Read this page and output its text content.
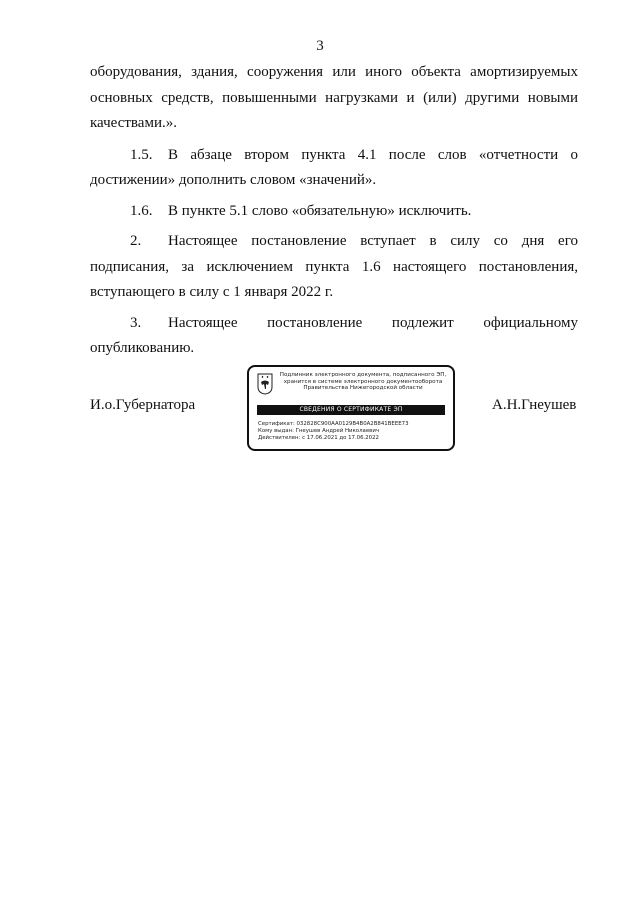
3

оборудования, здания, сооружения или иного объекта амортизируемых основных средств, повышенными нагрузками и (или) другими новыми качествами.».

1.5. В абзаце втором пункта 4.1 после слов «отчетности о достижении» дополнить словом «значений».

1.6. В пункте 5.1 слово «обязательную» исключить.

2. Настоящее постановление вступает в силу со дня его подписания, за исключением пункта 1.6 настоящего постановления, вступающего в силу с 1 января 2022 г.

3. Настоящее постановление подлежит официальному опубликованию.

И.о.Губернатора
Подлинник электронного документа, подписанного ЭП,
хранится в системе электронного документооборота
Правительства Нижегородской области
СВЕДЕНИЯ О СЕРТИФИКАТЕ ЭП
Сертификат: 032828C900AA0129B4B0A2B841BEEE73
Кому выдан: Гнеушев Андрей Николаевич
Действителен: с 17.06.2021 до 17.06.2022
А.Н.Гнеушев
